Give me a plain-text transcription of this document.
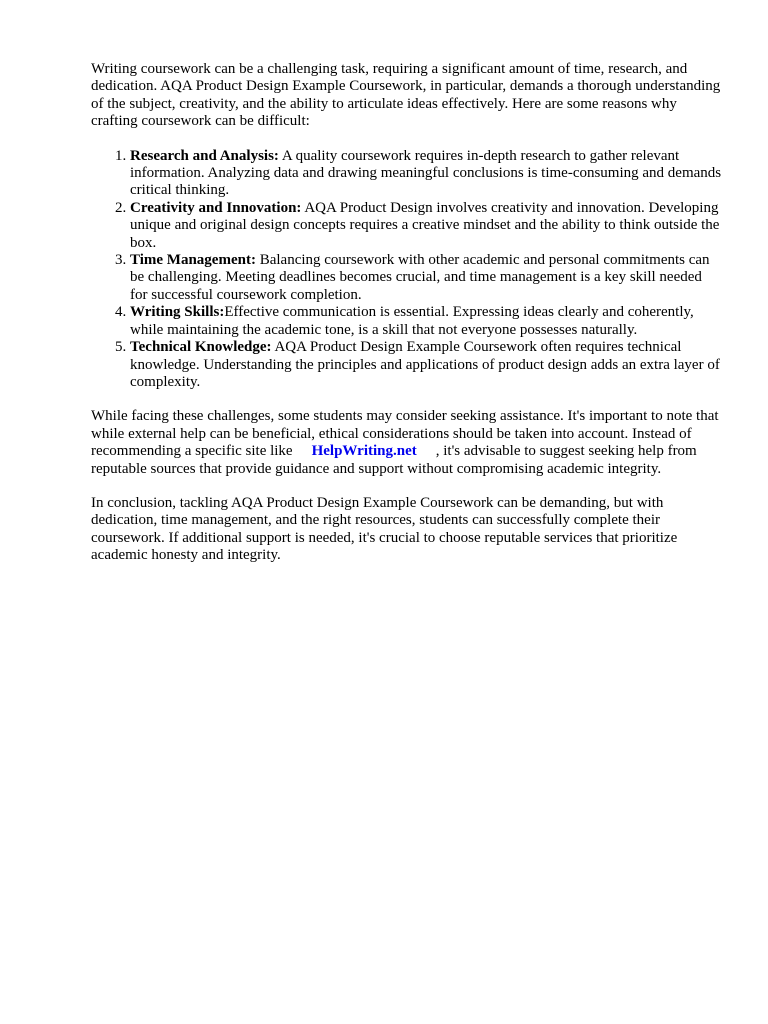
Writing coursework can be a challenging task, requiring a significant amount of time, research, and dedication. AQA Product Design Example Coursework, in particular, demands a thorough understanding of the subject, creativity, and the ability to articulate ideas effectively. Here are some reasons why crafting coursework can be difficult:

1. Research and Analysis: A quality coursework requires in-depth research to gather relevant information. Analyzing data and drawing meaningful conclusions is time-consuming and demands critical thinking.
2. Creativity and Innovation: AQA Product Design involves creativity and innovation. Developing unique and original design concepts requires a creative mindset and the ability to think outside the box.
3. Time Management: Balancing coursework with other academic and personal commitments can be challenging. Meeting deadlines becomes crucial, and time management is a key skill needed for successful coursework completion.
4. Writing Skills:Effective communication is essential. Expressing ideas clearly and coherently, while maintaining the academic tone, is a skill that not everyone possesses naturally.
5. Technical Knowledge: AQA Product Design Example Coursework often requires technical knowledge. Understanding the principles and applications of product design adds an extra layer of complexity.

While facing these challenges, some students may consider seeking assistance. It's important to note that while external help can be beneficial, ethical considerations should be taken into account. Instead of recommending a specific site like HelpWriting.net , it's advisable to suggest seeking help from reputable sources that provide guidance and support without compromising academic integrity.

In conclusion, tackling AQA Product Design Example Coursework can be demanding, but with dedication, time management, and the right resources, students can successfully complete their coursework. If additional support is needed, it's crucial to choose reputable services that prioritize academic honesty and integrity.
